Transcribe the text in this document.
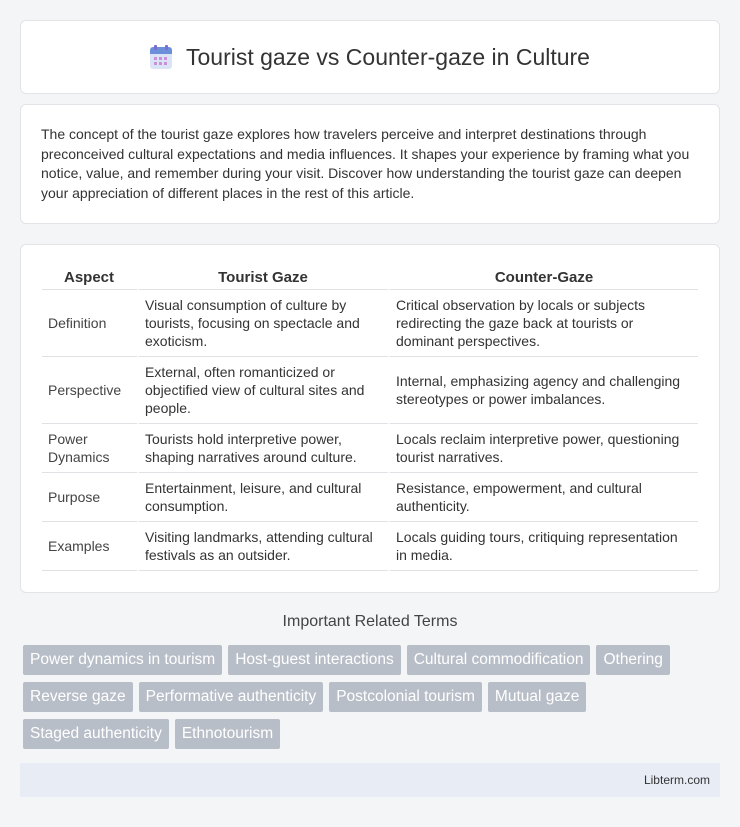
Tourist gaze vs Counter-gaze in Culture

The concept of the tourist gaze explores how travelers perceive and interpret destinations through preconceived cultural expectations and media influences. It shapes your experience by framing what you notice, value, and remember during your visit. Discover how understanding the tourist gaze can deepen your appreciation of different places in the rest of this article.

Aspect	Tourist Gaze	Counter-Gaze
Definition	Visual consumption of culture by tourists, focusing on spectacle and exoticism.	Critical observation by locals or subjects redirecting the gaze back at tourists or dominant perspectives.
Perspective	External, often romanticized or objectified view of cultural sites and people.	Internal, emphasizing agency and challenging stereotypes or power imbalances.
Power Dynamics	Tourists hold interpretive power, shaping narratives around culture.	Locals reclaim interpretive power, questioning tourist narratives.
Purpose	Entertainment, leisure, and cultural consumption.	Resistance, empowerment, and cultural authenticity.
Examples	Visiting landmarks, attending cultural festivals as an outsider.	Locals guiding tours, critiquing representation in media.
Important Related Terms
Power dynamics in tourism	Host-guest interactions	Cultural commodification	Othering
Reverse gaze	Performative authenticity	Postcolonial tourism	Mutual gaze
Staged authenticity	Ethnotourism
Libterm.com
